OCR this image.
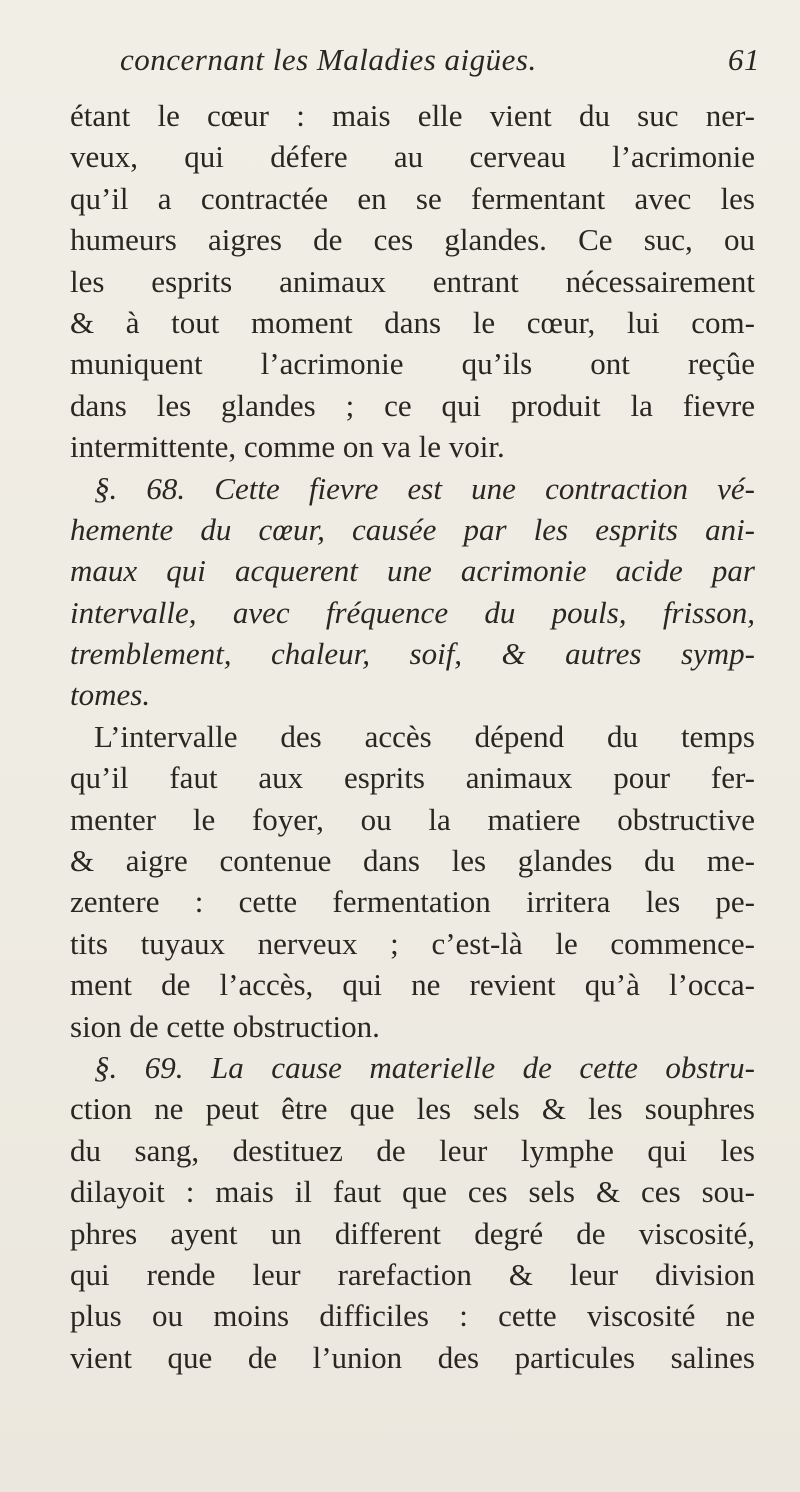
concernant les Maladies aigües.	61
étant le cœur : mais elle vient du suc ner-
veux, qui défere au cerveau l’acrimonie
qu’il a contractée en se fermentant avec les
humeurs aigres de ces glandes. Ce suc, ou
les esprits animaux entrant nécessairement
& à tout moment dans le cœur, lui com-
muniquent l’acrimonie qu’ils ont reçûe
dans les glandes ; ce qui produit la fievre
intermittente, comme on va le voir.
§. 68. Cette fievre est une contraction vé-
hemente du cœur, causée par les esprits ani-
maux qui acquerent une acrimonie acide par
intervalle, avec fréquence du pouls, frisson,
tremblement, chaleur, soif, & autres symp-
tomes.
L’intervalle des accès dépend du temps
qu’il faut aux esprits animaux pour fer-
menter le foyer, ou la matiere obstructive
& aigre contenue dans les glandes du me-
zentere : cette fermentation irritera les pe-
tits tuyaux nerveux ; c’est-là le commence-
ment de l’accès, qui ne revient qu’à l’occa-
sion de cette obstruction.
§. 69. La cause materielle de cette obstru-
ction ne peut être que les sels & les souphres
du sang, destituez de leur lymphe qui les
dilayoit : mais il faut que ces sels & ces sou-
phres ayent un different degré de viscosité,
qui rende leur rarefaction & leur division
plus ou moins difficiles : cette viscosité ne
vient que de l’union des particules salines
